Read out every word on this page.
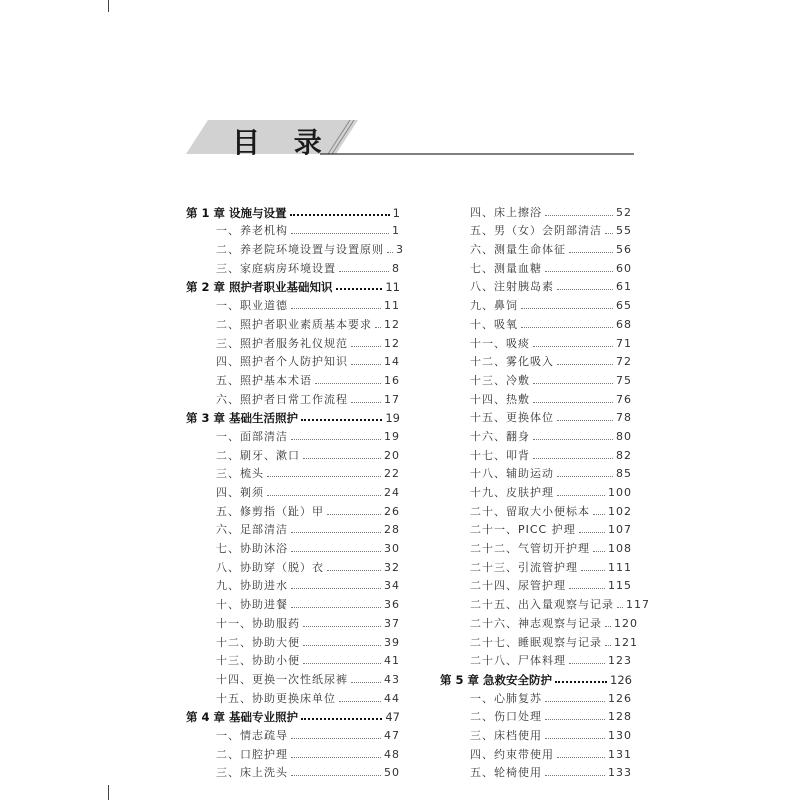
目 录
第 1 章 设施与设置	1
一、养老机构	1
二、养老院环境设置与设置原则 3
三、家庭病房环境设置	8
第 2 章 照护者职业基础知识	11
一、职业道德	11
二、照护者职业素质基本要求 12
三、照护者服务礼仪规范	12
四、照护者个人防护知识	14
五、照护基本术语	16
六、照护者日常工作流程	17
第 3 章 基础生活照护	19
一、面部清洁	19
二、刷牙、漱口	20
三、梳头	22
四、剃须	24
五、修剪指（趾）甲	26
六、足部清洁	28
七、协助沐浴	30
八、协助穿（脱）衣	32
九、协助进水	34
十、协助进餐	36
十一、协助服药	37
十二、协助大便	39
十三、协助小便	41
十四、更换一次性纸尿裤	43
十五、协助更换床单位	44
第 4 章 基础专业照护	47
一、情志疏导	47
二、口腔护理	48
三、床上洗头	50
四、床上擦浴	52
五、男（女）会阴部清洁 55
六、测量生命体征	56
七、测量血糖	60
八、注射胰岛素	61
九、鼻饲	65
十、吸氧	68
十一、吸痰	71
十二、雾化吸入	72
十三、冷敷	75
十四、热敷	76
十五、更换体位	78
十六、翻身	80
十七、叩背	82
十八、辅助运动	85
十九、皮肤护理	100
二十、留取大小便标本 102
二十一、PICC 护理	107
二十二、气管切开护理 108
二十三、引流管护理	111
二十四、尿管护理	115
二十五、出入量观察与记录 117
二十六、神志观察与记录 120
二十七、睡眠观察与记录 121
二十八、尸体料理	123
第 5 章 急救安全防护	126
一、心肺复苏	126
二、伤口处理	128
三、床档使用	130
四、约束带使用	131
五、轮椅使用	133
